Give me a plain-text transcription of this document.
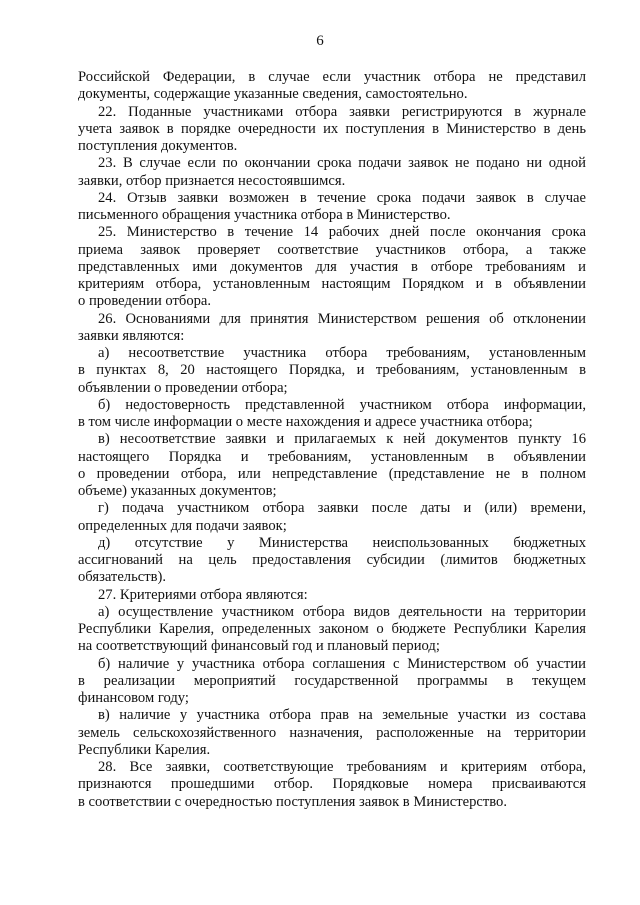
6
Российской Федерации, в случае если участник отбора не представил
документы, содержащие указанные сведения, самостоятельно.
22. Поданные участниками отбора заявки регистрируются в журнале
учета заявок в порядке очередности их поступления в Министерство в день
поступления документов.
23. В случае если по окончании срока подачи заявок не подано ни одной
заявки, отбор признается несостоявшимся.
24. Отзыв заявки возможен в течение срока подачи заявок в случае
письменного обращения участника отбора в Министерство.
25. Министерство в течение 14 рабочих дней после окончания срока
приема заявок проверяет соответствие участников отбора, а также
представленных ими документов для участия в отборе требованиям и
критериям отбора, установленным настоящим Порядком и в объявлении
о проведении отбора.
26. Основаниями для принятия Министерством решения об отклонении
заявки являются:
а) несоответствие участника отбора требованиям, установленным
в пунктах 8, 20 настоящего Порядка, и требованиям, установленным в
объявлении о проведении отбора;
б) недостоверность представленной участником отбора информации,
в том числе информации о месте нахождения и адресе участника отбора;
в) несоответствие заявки и прилагаемых к ней документов пункту 16
настоящего Порядка и требованиям, установленным в объявлении
о проведении отбора, или непредставление (представление не в полном
объеме) указанных документов;
г) подача участником отбора заявки после даты и (или) времени,
определенных для подачи заявок;
д) отсутствие у Министерства неиспользованных бюджетных
ассигнований на цель предоставления субсидии (лимитов бюджетных
обязательств).
27. Критериями отбора являются:
а) осуществление участником отбора видов деятельности на территории
Республики Карелия, определенных законом о бюджете Республики Карелия
на соответствующий финансовый год и плановый период;
б) наличие у участника отбора соглашения с Министерством об участии
в реализации мероприятий государственной программы в текущем
финансовом году;
в) наличие у участника отбора прав на земельные участки из состава
земель сельскохозяйственного назначения, расположенные на территории
Республики Карелия.
28. Все заявки, соответствующие требованиям и критериям отбора,
признаются прошедшими отбор. Порядковые номера присваиваются
в соответствии с очередностью поступления заявок в Министерство.
